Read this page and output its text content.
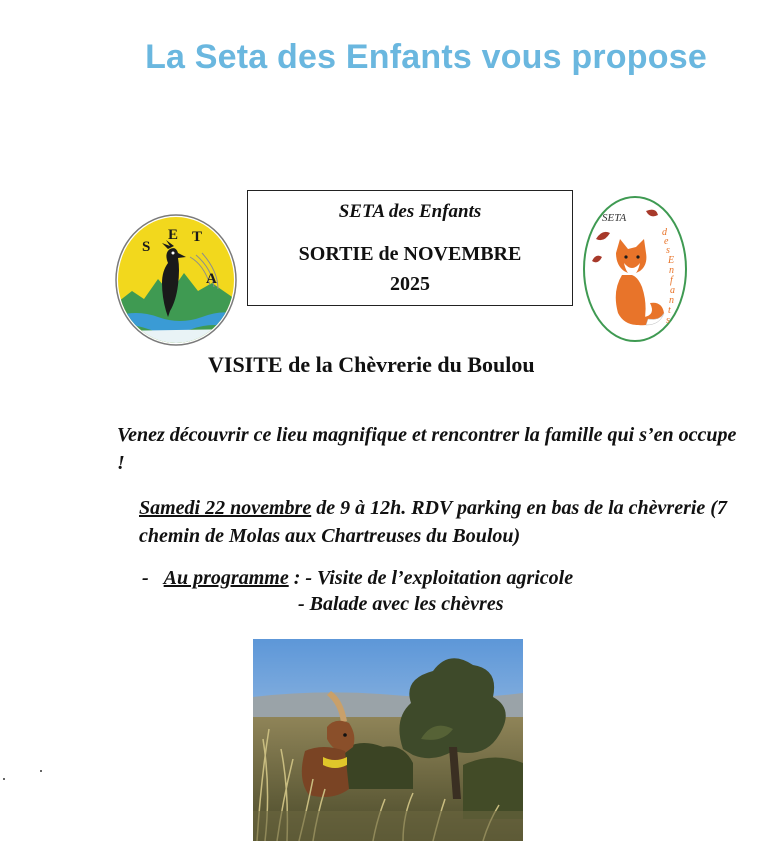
La Seta des Enfants vous propose
S
E T
A
SETA des Enfants
SORTIE de NOVEMBRE
2025
SETA
d
e
s
E
n
f
a
n
t
s
VISITE de la Chèvrerie du Boulou
Venez découvrir ce lieu magnifique et rencontrer la famille qui s’en occupe !
Samedi 22 novembre de 9 à 12h. RDV parking en bas de la chèvrerie (7 chemin de Molas aux Chartreuses du Boulou)
- Au programme : - Visite de l’exploitation agricole
- Balade avec les chèvres
